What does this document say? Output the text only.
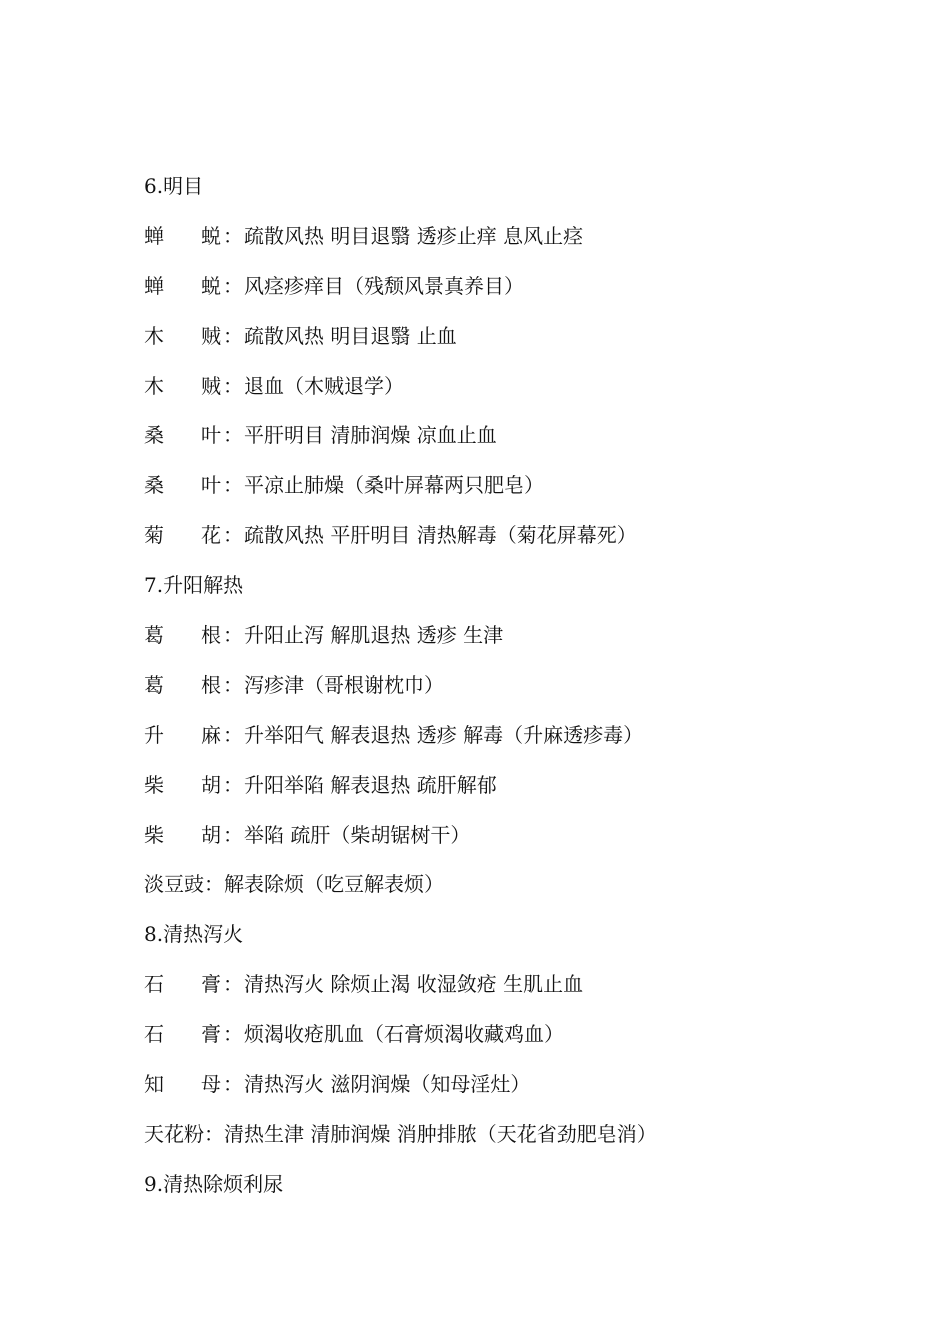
6.明目
蝉 蜕 ：疏散风热 明目退翳 透疹止痒 息风止痉
蝉 蜕 ：风痉疹痒目（残颓风景真养目）
木 贼 ：疏散风热 明目退翳 止血
木 贼 ：退血（木贼退学）
桑 叶 ：平肝明目 清肺润燥 凉血止血
桑 叶 ：平凉止肺燥（桑叶屏幕两只肥皂）
菊 花 ：疏散风热 平肝明目 清热解毒（菊花屏幕死）
7.升阳解热
葛 根 ：升阳止泻 解肌退热 透疹 生津
葛 根 ：泻疹津（哥根谢枕巾）
升 麻 ：升举阳气 解表退热 透疹 解毒（升麻透疹毒）
柴 胡 ：升阳举陷 解表退热 疏肝解郁
柴 胡 ：举陷 疏肝（柴胡锯树干）
淡豆豉：解表除烦（吃豆解表烦）
8.清热泻火
石 膏 ：清热泻火 除烦止渴 收湿敛疮 生肌止血
石 膏 ：烦渴收疮肌血（石膏烦渴收藏鸡血）
知 母 ：清热泻火 滋阴润燥（知母淫灶）
天花粉：清热生津 清肺润燥 消肿排脓（天花省劲肥皂消）
9.清热除烦利尿
